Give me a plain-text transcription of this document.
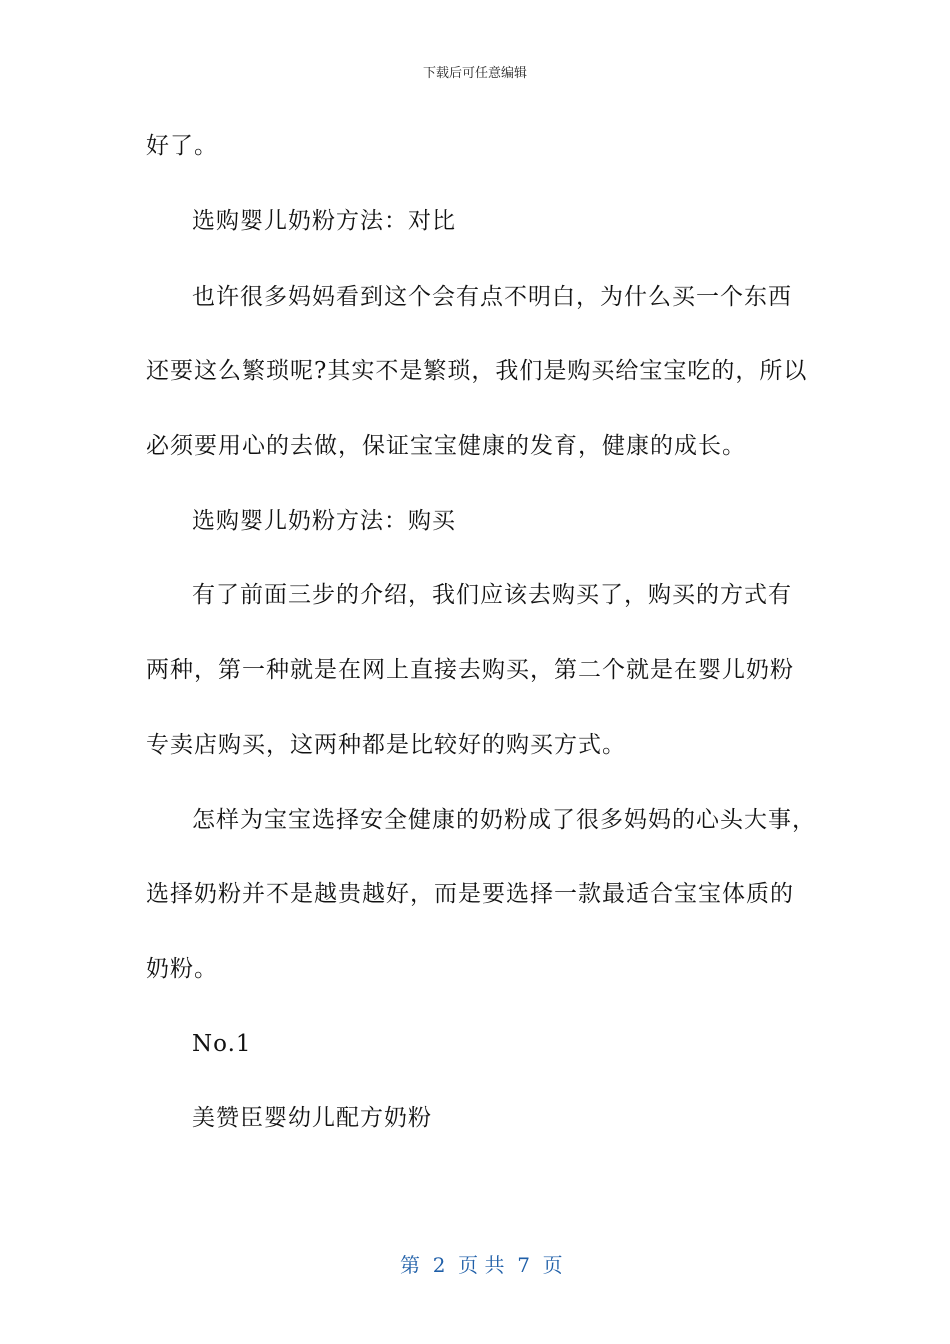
下载后可任意编辑
好了。
选购婴儿奶粉方法：对比
也许很多妈妈看到这个会有点不明白，为什么买一个东西
还要这么繁琐呢?其实不是繁琐，我们是购买给宝宝吃的，所以
必须要用心的去做，保证宝宝健康的发育，健康的成长。
选购婴儿奶粉方法：购买
有了前面三步的介绍，我们应该去购买了，购买的方式有
两种，第一种就是在网上直接去购买，第二个就是在婴儿奶粉
专卖店购买，这两种都是比较好的购买方式。
怎样为宝宝选择安全健康的奶粉成了很多妈妈的心头大事，
选择奶粉并不是越贵越好，而是要选择一款最适合宝宝体质的
奶粉。
No.1
美赞臣婴幼儿配方奶粉

第  2  页 共  7  页
